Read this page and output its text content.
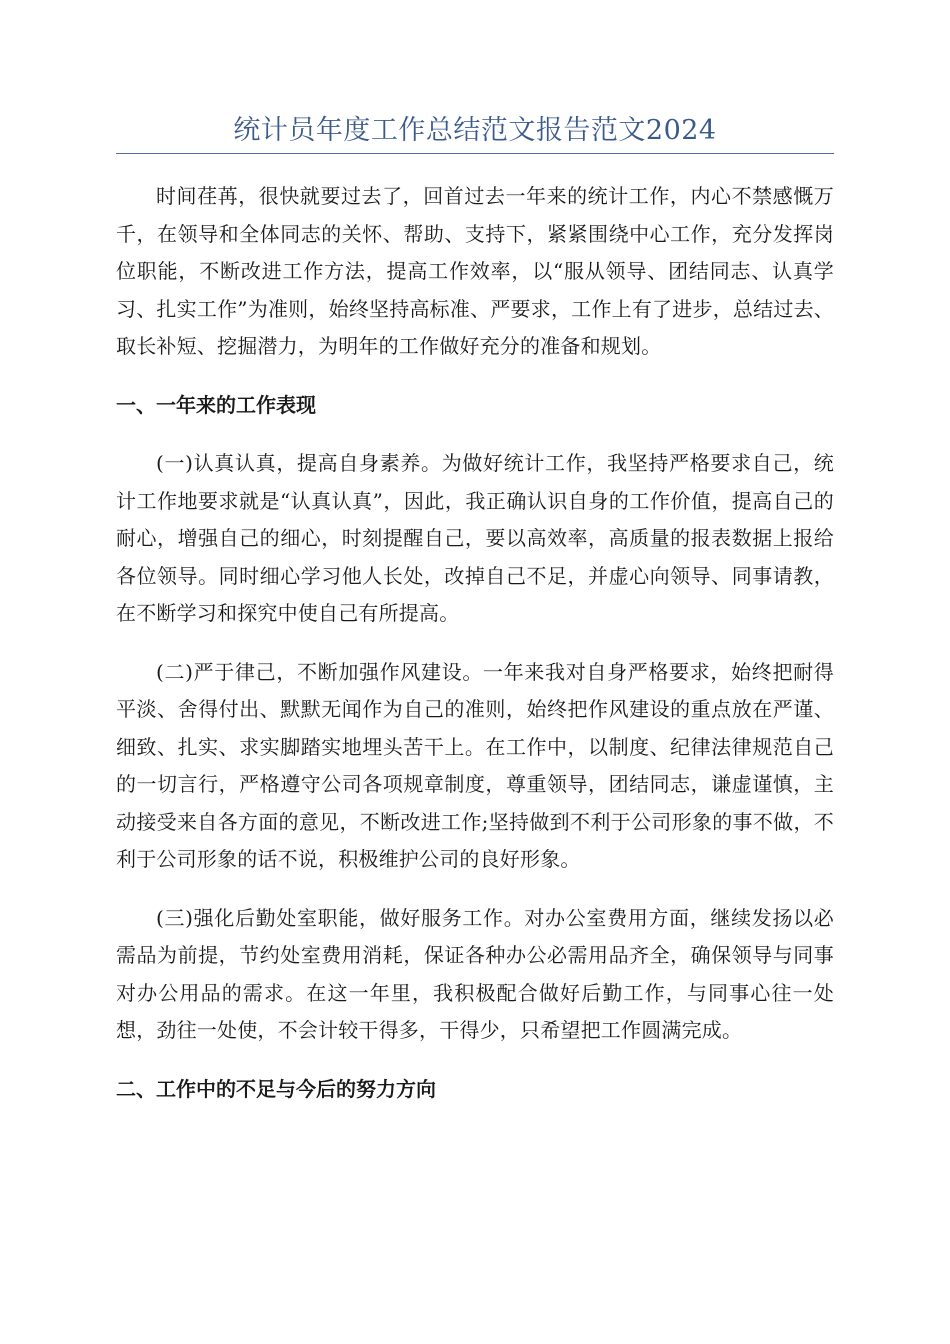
统计员年度工作总结范文报告范文2024

时间荏苒，很快就要过去了，回首过去一年来的统计工作，内心不禁感慨万千，在领导和全体同志的关怀、帮助、支持下，紧紧围绕中心工作，充分发挥岗位职能，不断改进工作方法，提高工作效率，以“服从领导、团结同志、认真学习、扎实工作”为准则，始终坚持高标准、严要求，工作上有了进步，总结过去、取长补短、挖掘潜力，为明年的工作做好充分的准备和规划。

一、一年来的工作表现

(一)认真认真，提高自身素养。为做好统计工作，我坚持严格要求自己，统计工作地要求就是“认真认真”，因此，我正确认识自身的工作价值，提高自己的耐心，增强自己的细心，时刻提醒自己，要以高效率，高质量的报表数据上报给各位领导。同时细心学习他人长处，改掉自己不足，并虚心向领导、同事请教，在不断学习和探究中使自己有所提高。

(二)严于律己，不断加强作风建设。一年来我对自身严格要求，始终把耐得平淡、舍得付出、默默无闻作为自己的准则，始终把作风建设的重点放在严谨、细致、扎实、求实脚踏实地埋头苦干上。在工作中，以制度、纪律法律规范自己的一切言行，严格遵守公司各项规章制度，尊重领导，团结同志，谦虚谨慎，主动接受来自各方面的意见，不断改进工作;坚持做到不利于公司形象的事不做，不利于公司形象的话不说，积极维护公司的良好形象。

(三)强化后勤处室职能，做好服务工作。对办公室费用方面，继续发扬以必需品为前提，节约处室费用消耗，保证各种办公必需用品齐全，确保领导与同事对办公用品的需求。在这一年里，我积极配合做好后勤工作，与同事心往一处想，劲往一处使，不会计较干得多，干得少，只希望把工作圆满完成。

二、工作中的不足与今后的努力方向
